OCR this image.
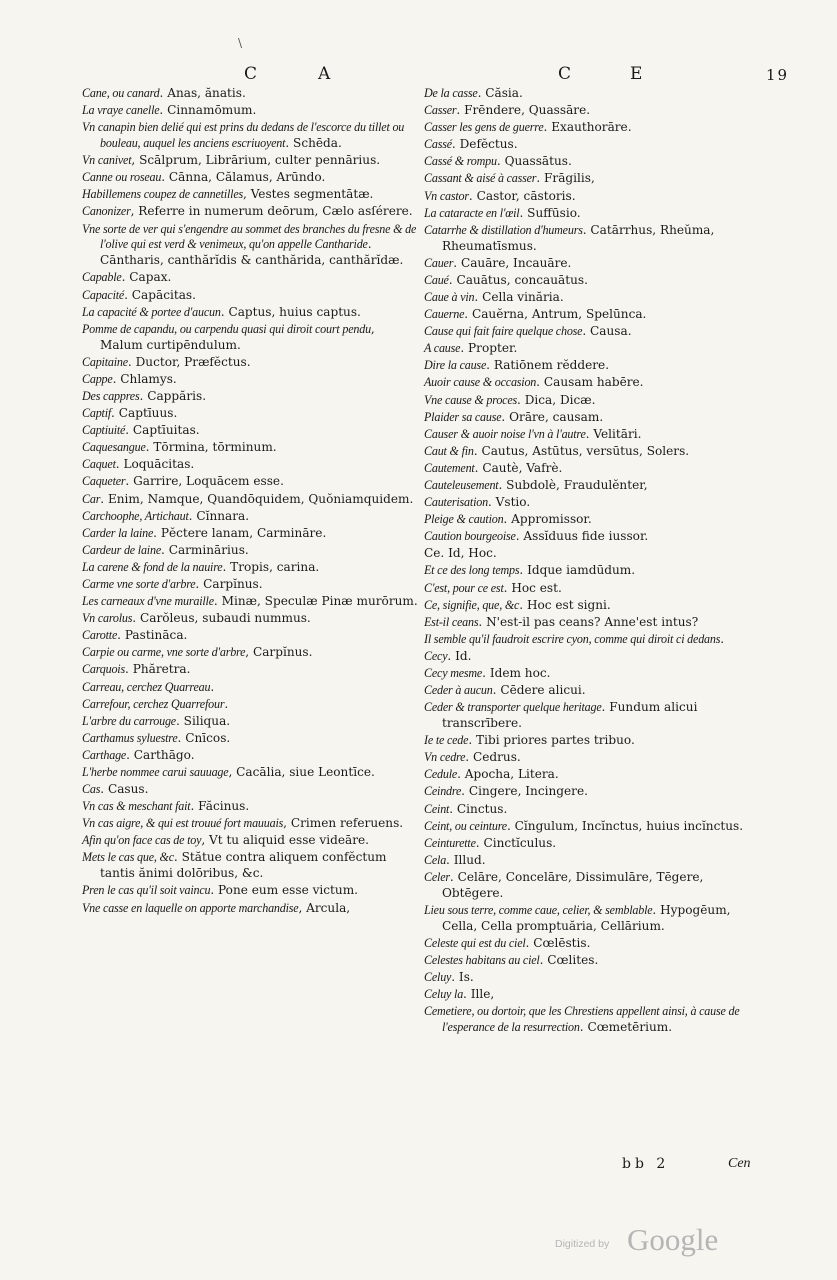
\
C	A	C	E	19
Cane, ou canard. Anas, ănatis.
La vraye canelle. Cinnamōmum.
Vn canapin bien delié qui est prins du dedans de l'escorce du tillet ou bouleau, auquel les anciens escriuoyent. Schēda.
Vn canivet, Scālprum, Librārium, culter pennārius.
Canne ou roseau. Cānna, Călamus, Arūndo.
Habillemens coupez de cannetilles, Vestes segmentātæ.
Canonizer, Referre in numerum deōrum, Cælo asſérere.
Vne sorte de ver qui s'engendre au sommet des branches du fresne & de l'olive qui est verd & venimeux, qu'on appelle Cantharide. Cāntharis, canthărĭdis & canthărida, canthărĭdæ.
Capable. Capax.
Capacité. Capācitas.
La capacité & portee d'aucun. Captus, huius captus.
Pomme de capandu, ou carpendu quasi qui diroit court pendu, Malum curtipēndulum.
Capitaine. Ductor, Præfĕctus.
Cappe. Chlamys.
Des cappres. Cappăris.
Captif. Captīuus.
Captiuité. Captīuitas.
Caquesangue. Tōrmina, tōrminum.
Caquet. Loquācitas.
Caqueter. Garrire, Loquācem esse.
Car. Enim, Namque, Quandōquidem, Quŏniamquidem.
Carchoophe, Artichaut. Cĭnnara.
Carder la laine. Pĕctere lanam, Carmināre.
Cardeur de laine. Carminārius.
La carene & fond de la nauire. Tropis, carina.
Carme vne sorte d'arbre. Carpĭnus.
Les carneaux d'vne muraille. Minæ, Speculæ Pinæ murōrum.
Vn carolus. Carŏleus, subaudi nummus.
Carotte. Pastināca.
Carpie ou carme, vne sorte d'arbre, Carpĭnus.
Carquois. Phăretra.
Carreau, cerchez Quarreau.
Carrefour, cerchez Quarrefour.
L'arbre du carrouge. Siliqua.
Carthamus syluestre. Cnīcos.
Carthage. Carthāgo.
L'herbe nommee carui sauuage, Cacālia, siue Leontīce.
Cas. Casus.
Vn cas & meschant fait. Făcinus.
Vn cas aigre, & qui est trouué fort mauuais, Crimen referuens.
Afin qu'on face cas de toy, Vt tu aliquid esse videāre.
Mets le cas que, &c. Stătue contra aliquem confĕctum tantis ănimi dolōribus, &c.
Pren le cas qu'il soit vaincu. Pone eum esse victum.
Vne casse en laquelle on apporte marchandise, Arcula,
De la casse. Căsia.
Casser. Frēndere, Quassāre.
Casser les gens de guerre. Exauthorāre.
Cassé. Defĕctus.
Cassé & rompu. Quassātus.
Cassant & aisé à casser. Frāgilis,
Vn castor. Castor, cāstoris.
La cataracte en l'œil. Suffūsio.
Catarrhe & distillation d'humeurs. Catārrhus, Rheŭma, Rheumatīsmus.
Cauer. Cauāre, Incauāre.
Caué. Cauātus, concauātus.
Caue à vin. Cella vinăria.
Cauerne. Cauĕrna, Antrum, Spelūnca.
Cause qui fait faire quelque chose. Causa.
A cause. Propter.
Dire la cause. Ratiōnem rĕddere.
Auoir cause & occasion. Causam habēre.
Vne cause & proces. Dica, Dicæ.
Plaider sa cause. Orāre, causam.
Causer & auoir noise l'vn à l'autre. Velitāri.
Caut & fin. Cautus, Astūtus, versūtus, Solers.
Cautement. Cautè, Vafrè.
Cauteleusement. Subdolè, Fraudulĕnter,
Cauterisation. Vstio.
Pleige & caution. Appromissor.
Caution bourgeoise. Assĭduus fide iussor.
Ce. Id, Hoc.
Et ce des long temps. Idque iamdūdum.
C'est, pour ce est. Hoc est.
Ce, signifie, que, &c. Hoc est signi.
Est-il ceans. N'est-il pas ceans? Anne'est intus?
Il semble qu'il faudroit escrire cyon, comme qui diroit ci dedans.
Cecy. Id.
Cecy mesme. Idem hoc.
Ceder à aucun. Cēdere alicui.
Ceder & transporter quelque heritage. Fundum alicui transcrībere.
Ie te cede. Tibi priores partes tribuo.
Vn cedre. Cedrus.
Cedule. Apocha, Litera.
Ceindre. Cingere, Incingere.
Ceint. Cinctus.
Ceint, ou ceinture. Cĭngulum, Incĭnctus, huius incĭnctus.
Ceinturette. Cinctĭculus.
Cela. Illud.
Celer. Celāre, Concelāre, Dissimulāre, Tēgere, Obtēgere.
Lieu sous terre, comme caue, celier, & semblable. Hypogēum, Cella, Cella promptuăria, Cellārium.
Celeste qui est du ciel. Cœlēstis.
Celestes habitans au ciel. Cœlites.
Celuy. Is.
Celuy la. Ille,
Cemetiere, ou dortoir, que les Chrestiens appellent ainsi, à cause de l'esperance de la resurrection. Cœmetērium.
bb 2	Cen
Digitized by Google
